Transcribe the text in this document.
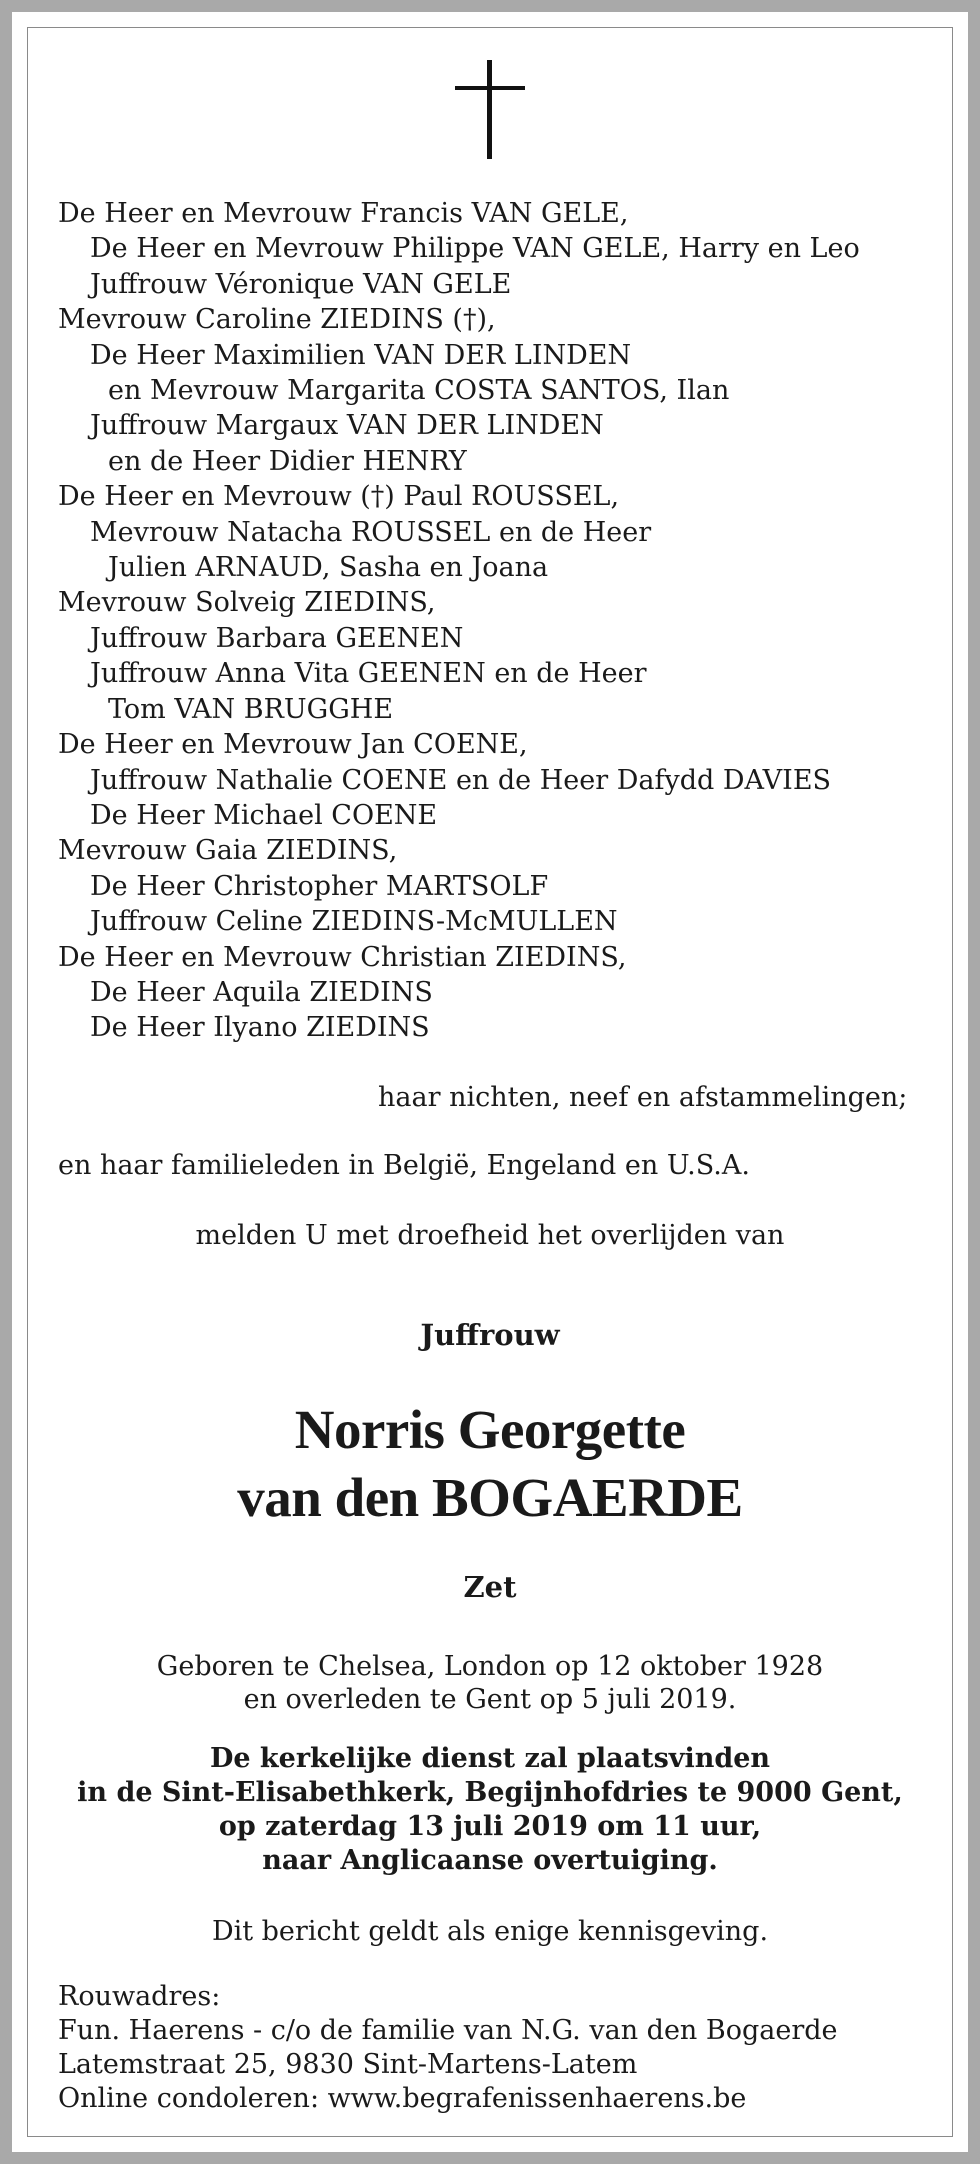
De Heer en Mevrouw Francis VAN GELE,
De Heer en Mevrouw Philippe VAN GELE, Harry en Leo
Juffrouw Véronique VAN GELE
Mevrouw Caroline ZIEDINS (†),
De Heer Maximilien VAN DER LINDEN
en Mevrouw Margarita COSTA SANTOS, Ilan
Juffrouw Margaux VAN DER LINDEN
en de Heer Didier HENRY
De Heer en Mevrouw (†) Paul ROUSSEL,
Mevrouw Natacha ROUSSEL en de Heer
Julien ARNAUD, Sasha en Joana
Mevrouw Solveig ZIEDINS,
Juffrouw Barbara GEENEN
Juffrouw Anna Vita GEENEN en de Heer
Tom VAN BRUGGHE
De Heer en Mevrouw Jan COENE,
Juffrouw Nathalie COENE en de Heer Dafydd DAVIES
De Heer Michael COENE
Mevrouw Gaia ZIEDINS,
De Heer Christopher MARTSOLF
Juffrouw Celine ZIEDINS-McMULLEN
De Heer en Mevrouw Christian ZIEDINS,
De Heer Aquila ZIEDINS
De Heer Ilyano ZIEDINS
haar nichten, neef en afstammelingen;
en haar familieleden in België, Engeland en U.S.A.
melden U met droefheid het overlijden van
Juffrouw
Norris Georgette
van den BOGAERDE
Zet
Geboren te Chelsea, London op 12 oktober 1928
en overleden te Gent op 5 juli 2019.
De kerkelijke dienst zal plaatsvinden
in de Sint-Elisabethkerk, Begijnhofdries te 9000 Gent,
op zaterdag 13 juli 2019 om 11 uur,
naar Anglicaanse overtuiging.
Dit bericht geldt als enige kennisgeving.
Rouwadres:
Fun. Haerens - c/o de familie van N.G. van den Bogaerde
Latemstraat 25, 9830 Sint-Martens-Latem
Online condoleren: www.begrafenissenhaerens.be
